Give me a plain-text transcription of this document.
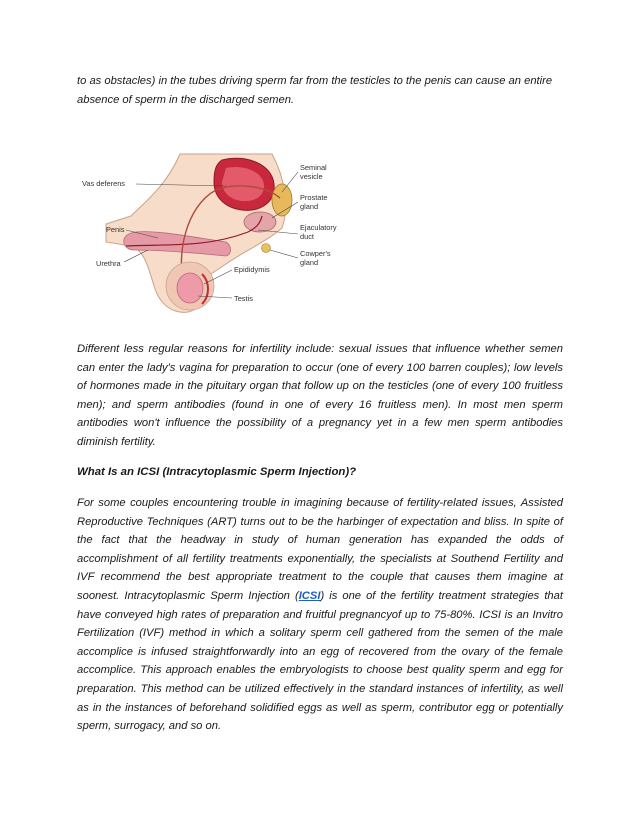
to as obstacles) in the tubes driving sperm far from the testicles to the penis can cause an entire absence of sperm in the discharged semen.

Vas deferens
Penis
Urethra
Seminal
vesicle
Prostate
gland
Ejaculatory
duct
Cowper's
gland
Epididymis
Testis

Different less regular reasons for infertility include: sexual issues that influence whether semen can enter the lady's vagina for preparation to occur (one of every 100 barren couples); low levels of hormones made in the pituitary organ that follow up on the testicles (one of every 100 fruitless men); and sperm antibodies (found in one of every 16 fruitless men). In most men sperm antibodies won't influence the possibility of a pregnancy yet in a few men sperm antibodies diminish fertility.

What Is an ICSI (Intracytoplasmic Sperm Injection)?

For some couples encountering trouble in imagining because of fertility-related issues, Assisted Reproductive Techniques (ART) turns out to be the harbinger of expectation and bliss. In spite of the fact that the headway in study of human generation has expanded the odds of accomplishment of all fertility treatments exponentially, the specialists at Southend Fertility and IVF recommend the best appropriate treatment to the couple that causes them imagine at soonest. Intracytoplasmic Sperm Injection (ICSI) is one of the fertility treatment strategies that have conveyed high rates of preparation and fruitful pregnancyof up to 75-80%. ICSI is an Invitro Fertilization (IVF) method in which a solitary sperm cell gathered from the semen of the male accomplice is infused straightforwardly into an egg of recovered from the ovary of the female accomplice. This approach enables the embryologists to choose best quality sperm and egg for preparation. This method can be utilized effectively in the standard instances of infertility, as well as in the instances of beforehand solidified eggs as well as sperm, contributor egg or potentially sperm, surrogacy, and so on.
